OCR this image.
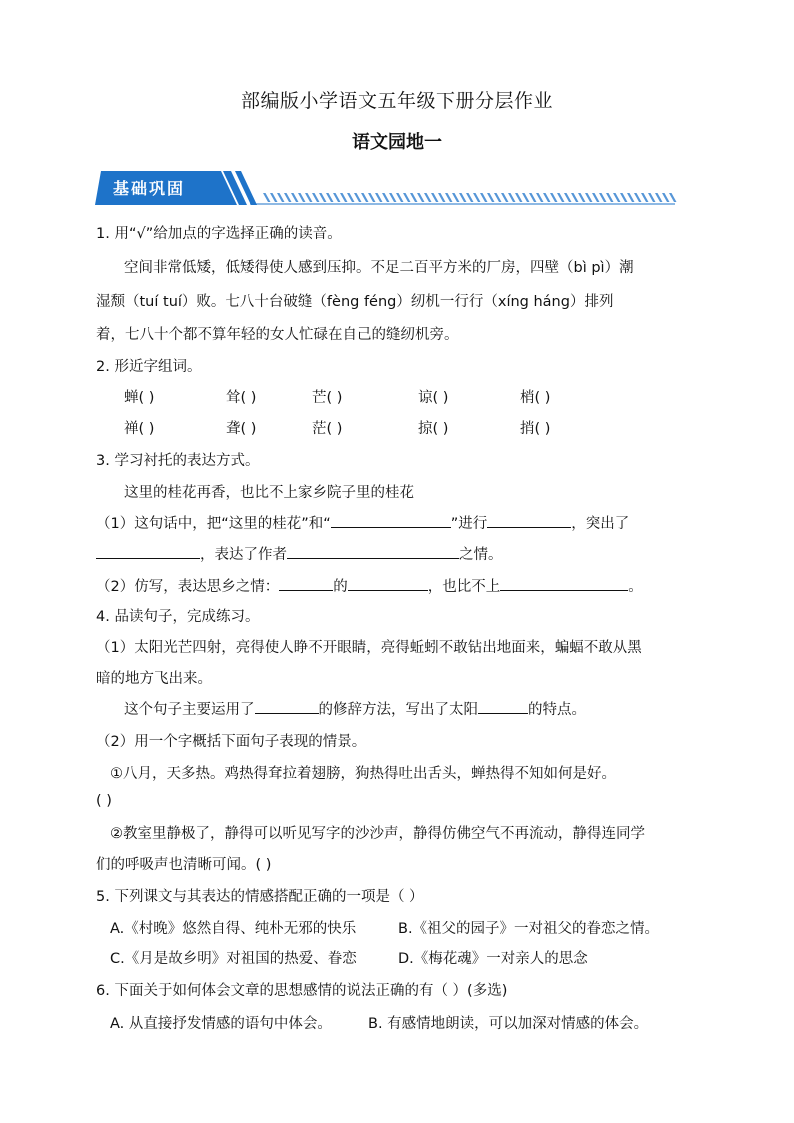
部编版小学语文五年级下册分层作业
语文园地一
基础巩固
1. 用“√”给加点的字选择正确的读音。
空间非常低矮，低矮得使人感到压抑。不足二百平方米的厂房，四壁（bì pì）潮
湿颓（tuí tuí）败。七八十台破缝（fèng féng）纫机一行行（xíng háng）排列
着，七八十个都不算年轻的女人忙碌在自己的缝纫机旁。
2. 形近字组词。
蝉( )	耸( )	芒( )	谅( )	梢( )
禅( )	聋( )	茫( )	掠( )	捎( )
3. 学习衬托的表达方式。
这里的桂花再香，也比不上家乡院子里的桂花
（1）这句话中，把“这里的桂花”和“	”进行	，突出了
，表达了作者	之情。
（2）仿写，表达思乡之情：	的	，也比不上	。
4. 品读句子，完成练习。
（1）太阳光芒四射，亮得使人睁不开眼睛，亮得蚯蚓不敢钻出地面来，蝙蝠不敢从黑
暗的地方飞出来。
这个句子主要运用了	的修辞方法，写出了太阳	的特点。
（2）用一个字概括下面句子表现的情景。
①八月，天多热。鸡热得耷拉着翅膀，狗热得吐出舌头，蝉热得不知如何是好。
( )
②教室里静极了，静得可以听见写字的沙沙声，静得仿佛空气不再流动，静得连同学
们的呼吸声也清晰可闻。( )
5. 下列课文与其表达的情感搭配正确的一项是（ ）
A.《村晚》悠然自得、纯朴无邪的快乐	B.《祖父的园子》一对祖父的眷恋之情。
C.《月是故乡明》对祖国的热爱、眷恋	D.《梅花魂》一对亲人的思念
6. 下面关于如何体会文章的思想感情的说法正确的有（ ）(多选)
A. 从直接抒发情感的语句中体会。 B. 有感情地朗读，可以加深对情感的体会。
